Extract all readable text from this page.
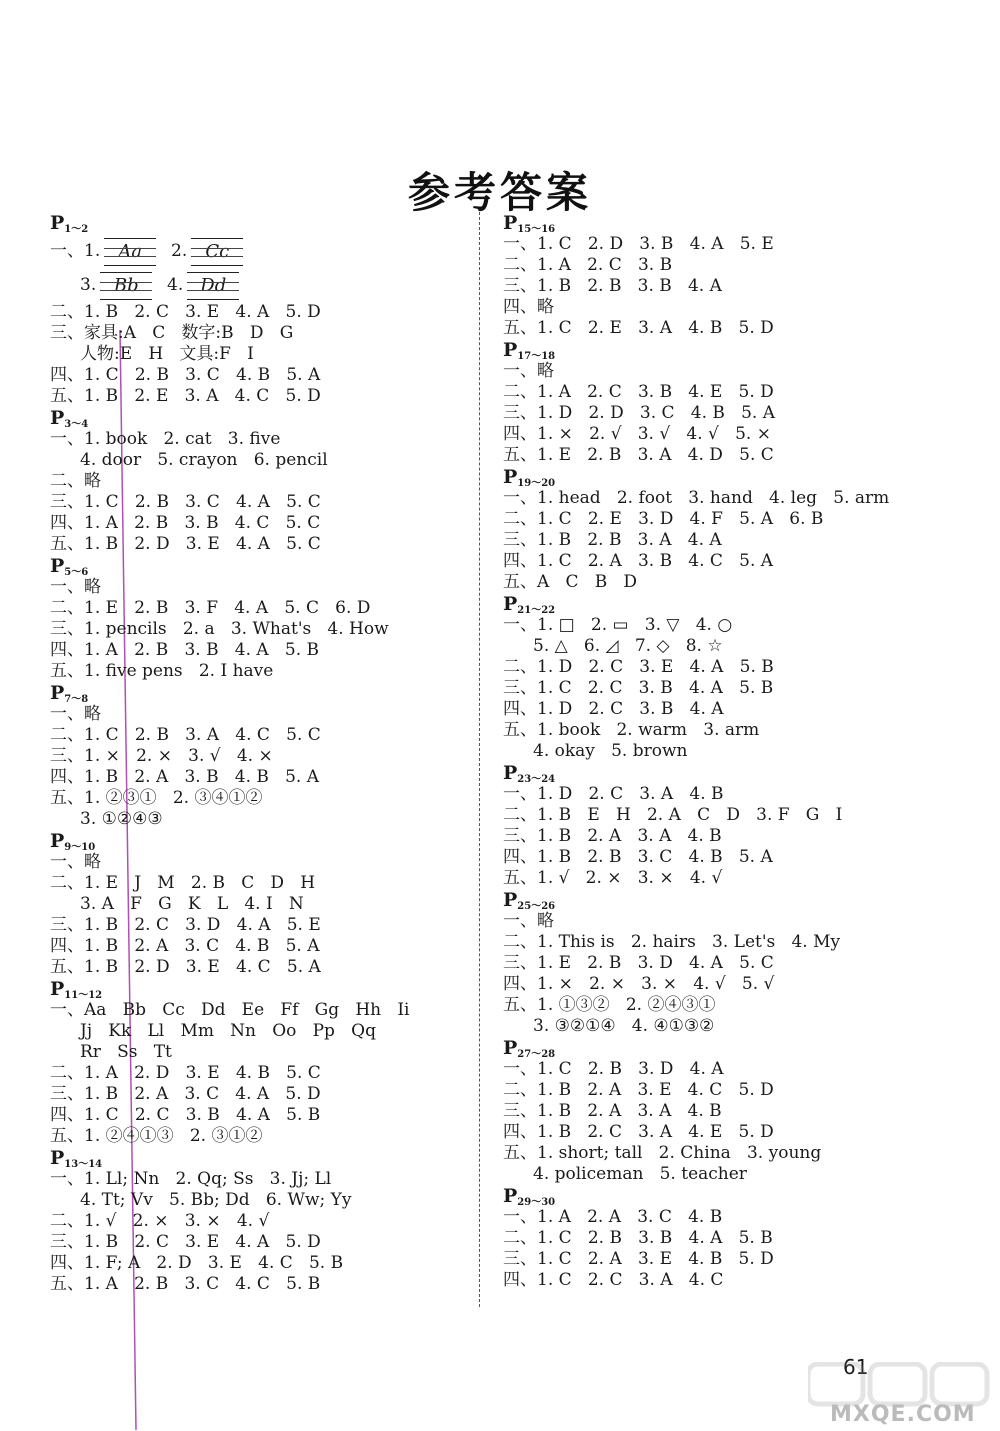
参考答案
$P_{1\sim 2}$
一、1. Aa  2. Cc
3. Bb  4. Dd
二、1. B   2. C   3. E   4. A   5. D
三、家具:A   C   数字:B   D   G
人物:E   H   文具:F   I
四、1. C   2. B   3. C   4. B   5. A
五、1. B   2. E   3. A   4. C   5. D
$P_{3\sim 4}$
一、1. book   2. cat   3. five
4. door   5. crayon   6. pencil
二、略
三、1. C   2. B   3. C   4. A   5. C
四、1. A   2. B   3. B   4. C   5. C
五、1. B   2. D   3. E   4. A   5. C
$P_{5\sim 6}$
一、略
二、1. E   2. B   3. F   4. A   5. C   6. D
三、1. pencils   2. a   3. What's   4. How
四、1. A   2. B   3. B   4. A   5. B
五、1. five pens   2. I have
$P_{7\sim 8}$
一、略
二、1. C   2. B   3. A   4. C   5. C
三、1. ×   2. ×   3. √   4. ×
四、1. B   2. A   3. B   4. B   5. A
五、1. ②③①   2. ③④①②
3. ①②④③
$P_{9\sim 10}$
一、略
二、1. E   J   M   2. B   C   D   H
3. A   F   G   K   L   4. I   N
三、1. B   2. C   3. D   4. A   5. E
四、1. B   2. A   3. C   4. B   5. A
五、1. B   2. D   3. E   4. C   5. A
$P_{11\sim 12}$
一、Aa   Bb   Cc   Dd   Ee   Ff   Gg   Hh   Ii
Jj   Kk   Ll   Mm   Nn   Oo   Pp   Qq
Rr   Ss   Tt
二、1. A   2. D   3. E   4. B   5. C
三、1. B   2. A   3. C   4. A   5. D
四、1. C   2. C   3. B   4. A   5. B
五、1. ②④①③   2. ③①②
$P_{13\sim 14}$
一、1. Ll; Nn   2. Qq; Ss   3. Jj; Ll
4. Tt; Vv   5. Bb; Dd   6. Ww; Yy
二、1. √   2. ×   3. ×   4. √
三、1. B   2. C   3. E   4. A   5. D
四、1. F; A   2. D   3. E   4. C   5. B
五、1. A   2. B   3. C   4. C   5. B
$P_{15\sim 16}$
一、1. C   2. D   3. B   4. A   5. E
二、1. A   2. C   3. B
三、1. B   2. B   3. B   4. A
四、略
五、1. C   2. E   3. A   4. B   5. D
$P_{17\sim 18}$
一、略
二、1. A   2. C   3. B   4. E   5. D
三、1. D   2. D   3. C   4. B   5. A
四、1. ×   2. √   3. √   4. √   5. ×
五、1. E   2. B   3. A   4. D   5. C
$P_{19\sim 20}$
一、1. head   2. foot   3. hand   4. leg   5. arm
二、1. C   2. E   3. D   4. F   5. A   6. B
三、1. B   2. B   3. A   4. A
四、1. C   2. A   3. B   4. C   5. A
五、A   C   B   D
$P_{21\sim 22}$
一、1. □   2. ▭   3. ▽   4. ○
5. △   6. ◿   7. ◇   8. ☆
二、1. D   2. C   3. E   4. A   5. B
三、1. C   2. C   3. B   4. A   5. B
四、1. D   2. C   3. B   4. A
五、1. book   2. warm   3. arm
4. okay   5. brown
$P_{23\sim 24}$
一、1. D   2. C   3. A   4. B
二、1. B   E   H   2. A   C   D   3. F   G   I
三、1. B   2. A   3. A   4. B
四、1. B   2. B   3. C   4. B   5. A
五、1. √   2. ×   3. ×   4. √
$P_{25\sim 26}$
一、略
二、1. This is   2. hairs   3. Let's   4. My
三、1. E   2. B   3. D   4. A   5. C
四、1. ×   2. ×   3. ×   4. √   5. √
五、1. ①③②   2. ②④③①
3. ③②①④   4. ④①③②
$P_{27\sim 28}$
一、1. C   2. B   3. D   4. A
二、1. B   2. A   3. E   4. C   5. D
三、1. B   2. A   3. A   4. B
四、1. B   2. C   3. A   4. E   5. D
五、1. short; tall   2. China   3. young
4. policeman   5. teacher
$P_{29\sim 30}$
一、1. A   2. A   3. C   4. B
二、1. C   2. B   3. B   4. A   5. B
三、1. C   2. A   3. E   4. B   5. D
四、1. C   2. C   3. A   4. C
61
MXQE.COM
